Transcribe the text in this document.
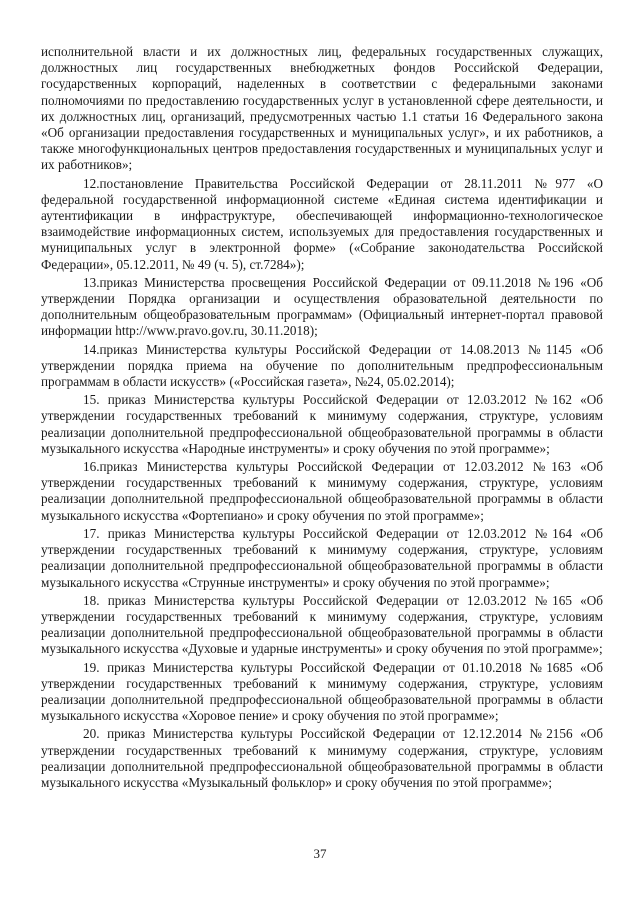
исполнительной власти и их должностных лиц, федеральных государственных служащих, должностных лиц государственных внебюджетных фондов Российской Федерации, государственных корпораций, наделенных в соответствии с федеральными законами полномочиями по предоставлению государственных услуг в установленной сфере деятельности, и их должностных лиц, организаций, предусмотренных частью 1.1 статьи 16 Федерального закона «Об организации предоставления государственных и муниципальных услуг», и их работников, а также многофункциональных центров предоставления государственных и муниципальных услуг и их работников»;

12.постановление Правительства Российской Федерации от 28.11.2011 №977 «О федеральной государственной информационной системе «Единая система идентификации и аутентификации в инфраструктуре, обеспечивающей информационно-технологическое взаимодействие информационных систем, используемых для предоставления государственных и муниципальных услуг в электронной форме» («Собрание законодательства Российской Федерации», 05.12.2011, № 49 (ч. 5), ст.7284»);

13.приказ Министерства просвещения Российской Федерации от 09.11.2018 №196 «Об утверждении Порядка организации и осуществления образовательной деятельности по дополнительным общеобразовательным программам» (Официальный интернет-портал правовой информации http://www.pravo.gov.ru, 30.11.2018);

14.приказ Министерства культуры Российской Федерации от 14.08.2013 №1145 «Об утверждении порядка приема на обучение по дополнительным предпрофессиональным программам в области искусств» («Российская газета», №24, 05.02.2014);

15. приказ Министерства культуры Российской Федерации от 12.03.2012 №162 «Об утверждении государственных требований к минимуму содержания, структуре, условиям реализации дополнительной предпрофессиональной общеобразовательной программы в области музыкального искусства «Народные инструменты» и сроку обучения по этой программе»;

16.приказ Министерства культуры Российской Федерации от 12.03.2012 №163 «Об утверждении государственных требований к минимуму содержания, структуре, условиям реализации дополнительной предпрофессиональной общеобразовательной программы в области музыкального искусства «Фортепиано» и сроку обучения по этой программе»;

17. приказ Министерства культуры Российской Федерации от 12.03.2012 №164 «Об утверждении государственных требований к минимуму содержания, структуре, условиям реализации дополнительной предпрофессиональной общеобразовательной программы в области музыкального искусства «Струнные инструменты» и сроку обучения по этой программе»;

18. приказ Министерства культуры Российской Федерации от 12.03.2012 №165 «Об утверждении государственных требований к минимуму содержания, структуре, условиям реализации дополнительной предпрофессиональной общеобразовательной программы в области музыкального искусства «Духовые и ударные инструменты» и сроку обучения по этой программе»;

19. приказ Министерства культуры Российской Федерации от 01.10.2018 №1685 «Об утверждении государственных требований к минимуму содержания, структуре, условиям реализации дополнительной предпрофессиональной общеобразовательной программы в области музыкального искусства «Хоровое пение» и сроку обучения по этой программе»;

20. приказ Министерства культуры Российской Федерации от 12.12.2014 №2156 «Об утверждении государственных требований к минимуму содержания, структуре, условиям реализации дополнительной предпрофессиональной общеобразовательной программы в области музыкального искусства «Музыкальный фольклор» и сроку обучения по этой программе»;

37
